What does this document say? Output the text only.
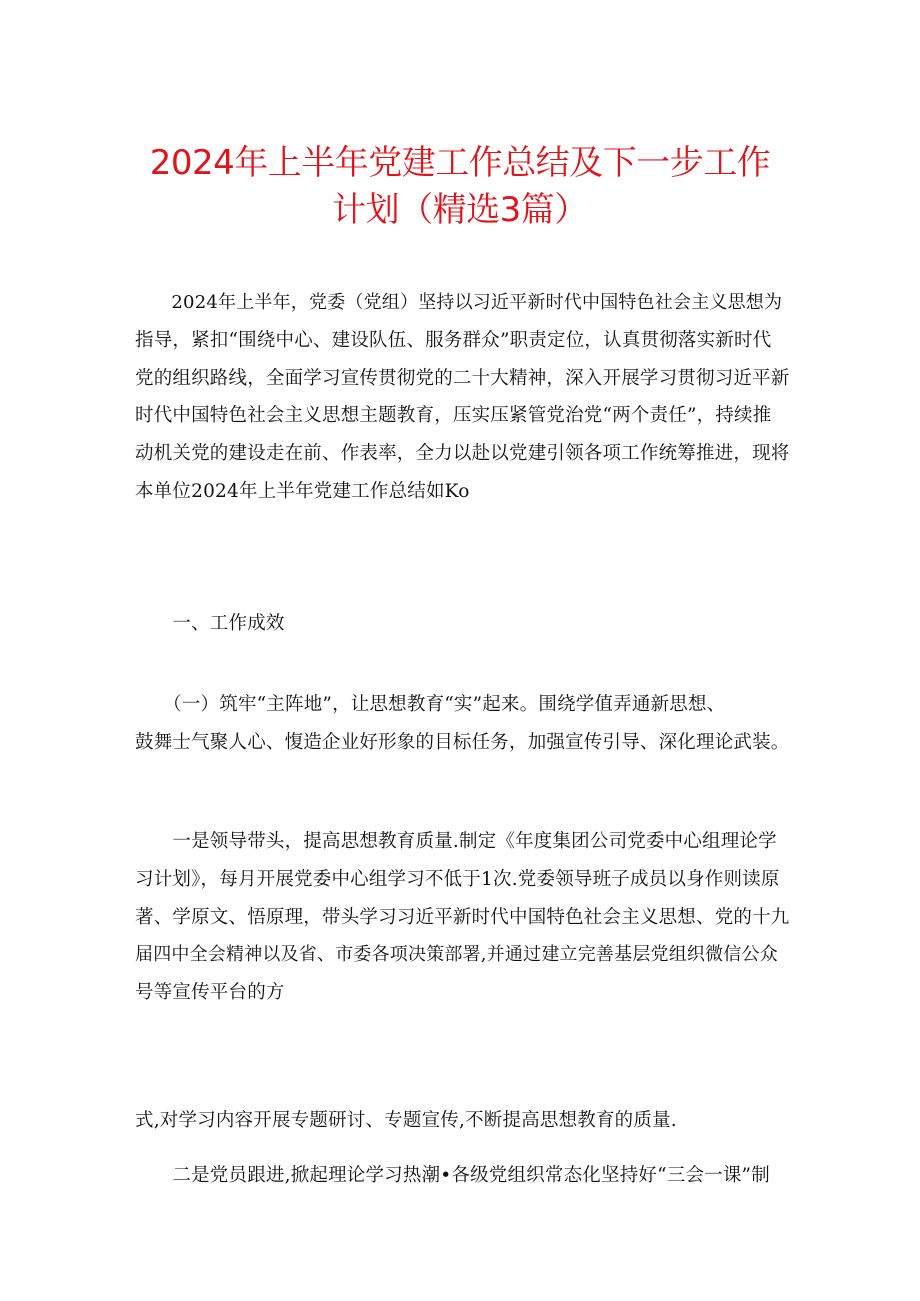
2024年上半年党建工作总结及下一步工作
计划（精选3篇）

　　2024年上半年，党委（党组）坚持以习近平新时代中国特色社会主义思想为
指导，紧扣“围绕中心、建设队伍、服务群众”职责定位，认真贯彻落实新时代
党的组织路线，全面学习宣传贯彻党的二十大精神，深入开展学习贯彻习近平新
时代中国特色社会主义思想主题教育，压实压紧管党治党“两个责任”，持续推
动机关党的建设走在前、作表率，全力以赴以党建引领各项工作统筹推进，现将
本单位2024年上半年党建工作总结如Ko

　　一、工作成效

　　（一）筑牢“主阵地”，让思想教育“实”起来。围绕学值弄通新思想、
鼓舞士气聚人心、愎造企业好形象的目标任务，加强宣传引导、深化理论武装。

　　一是领导带头，提高思想教育质量.制定《年度集团公司党委中心组理论学
习计划》，每月开展党委中心组学习不低于1次.党委领导班子成员以身作则读原
著、学原文、悟原理，带头学习习近平新时代中国特色社会主义思想、党的十九
届四中全会精神以及省、市委各项决策部署,并通过建立完善基层党组织微信公众
号等宣传平台的方

式,对学习内容开展专题研讨、专题宣传,不断提高思想教育的质量.

　　二是党员跟进,掀起理论学习热潮•各级党组织常态化坚持好“三会一课”制
